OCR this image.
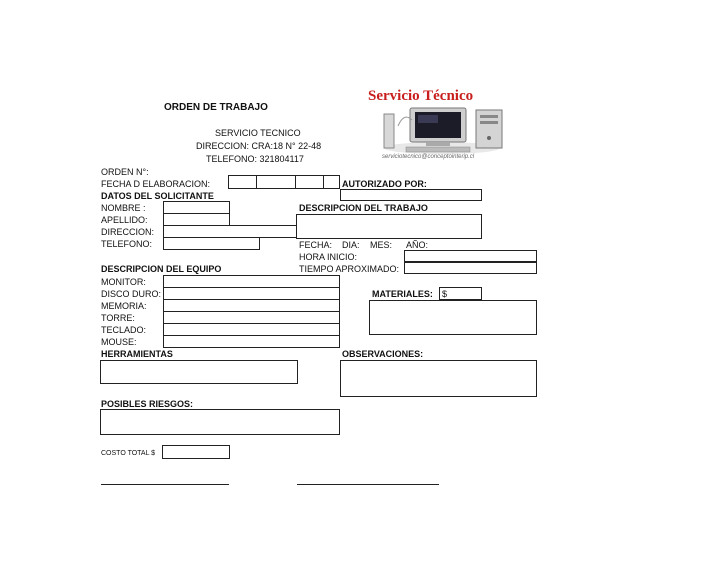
ORDEN DE TRABAJO
SERVICIO TECNICO
DIRECCION: CRA:18 N° 22-48
TELEFONO: 321804117
Servicio Técnico
serviciotecnico@conceptointerip.cl
ORDEN N°:
FECHA D ELABORACION:	AUTORIZADO POR:
DATOS DEL SOLICITANTE
NOMBRE :
APELLIDO:
DIRECCION:
TELEFONO:
DESCRIPCION DEL TRABAJO
FECHA: DIA: MES: AÑO:
HORA INICIO:
TIEMPO APROXIMADO:
DESCRIPCION DEL EQUIPO
MONITOR:
DISCO DURO:
MEMORIA:
TORRE:
TECLADO:
MOUSE:
MATERIALES: $
HERRAMIENTAS	OBSERVACIONES:
POSIBLES RIESGOS:
COSTO TOTAL $
